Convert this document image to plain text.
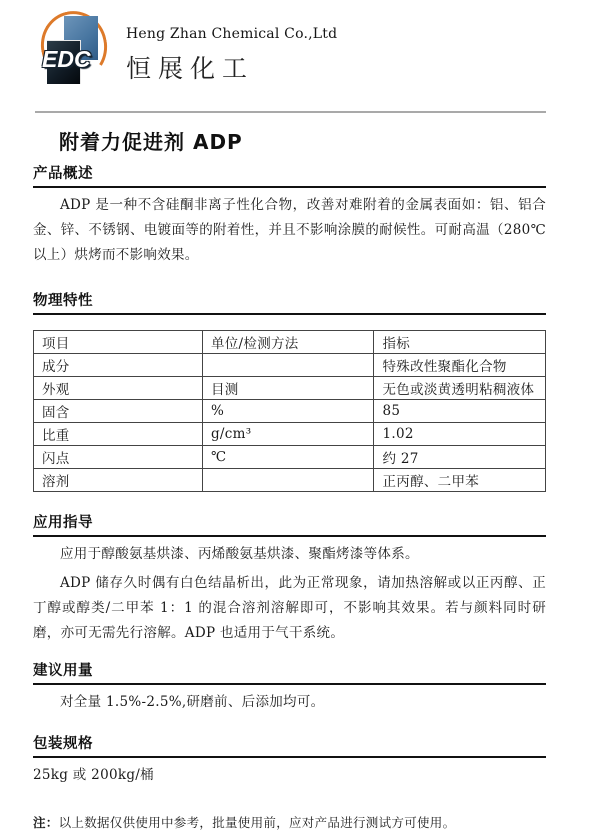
EDC
Heng Zhan Chemical Co.,Ltd
恒展化工
附着力促进剂 ADP
产品概述

ADP 是一种不含硅酮非离子性化合物，改善对难附着的金属表面如：铝、铝合金、锌、不锈钢、电镀面等的附着性，并且不影响涂膜的耐候性。可耐高温（280℃以上）烘烤而不影响效果。

物理特性
项目	单位/检测方法	指标
成分		特殊改性聚酯化合物
外观	目测	无色或淡黄透明粘稠液体
固含	%	85
比重	g/cm³	1.02
闪点	℃	约 27
溶剂		正丙醇、二甲苯
应用指导

应用于醇酸氨基烘漆、丙烯酸氨基烘漆、聚酯烤漆等体系。

ADP 储存久时偶有白色结晶析出，此为正常现象，请加热溶解或以正丙醇、正丁醇或醇类/二甲苯 1：1 的混合溶剂溶解即可，不影响其效果。若与颜料同时研磨，亦可无需先行溶解。ADP 也适用于气干系统。

建议用量

对全量 1.5%-2.5%,研磨前、后添加均可。

包装规格

25kg 或 200kg/桶

注：以上数据仅供使用中参考，批量使用前，应对产品进行测试方可使用。
